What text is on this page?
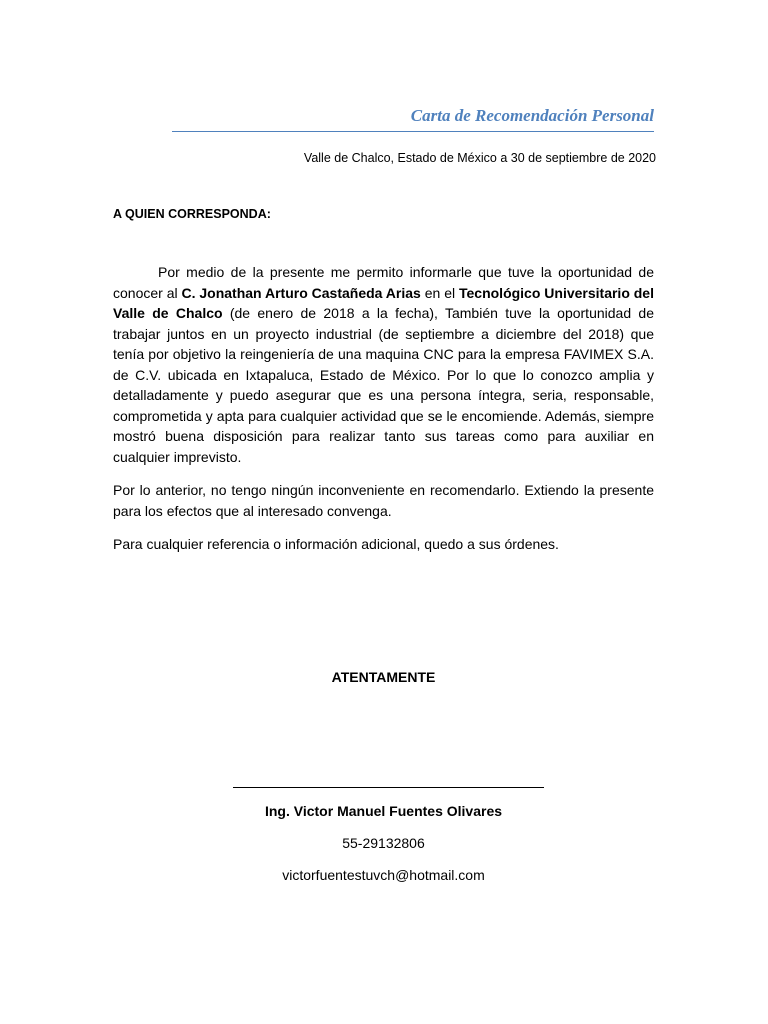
Carta de Recomendación Personal
Valle de Chalco, Estado de México a 30 de septiembre de 2020
A QUIEN CORRESPONDA:

Por medio de la presente me permito informarle que tuve la oportunidad de conocer al C. Jonathan Arturo Castañeda Arias en el Tecnológico Universitario del Valle de Chalco (de enero de 2018 a la fecha), También tuve la oportunidad de trabajar juntos en un proyecto industrial (de septiembre a diciembre del 2018) que tenía por objetivo la reingeniería de una maquina CNC para la empresa FAVIMEX S.A. de C.V. ubicada en Ixtapaluca, Estado de México. Por lo que lo conozco amplia y detalladamente y puedo asegurar que es una persona íntegra, seria, responsable, comprometida y apta para cualquier actividad que se le encomiende. Además, siempre mostró buena disposición para realizar tanto sus tareas como para auxiliar en cualquier imprevisto.

Por lo anterior, no tengo ningún inconveniente en recomendarlo. Extiendo la presente para los efectos que al interesado convenga.

Para cualquier referencia o información adicional, quedo a sus órdenes.

ATENTAMENTE
Ing. Victor Manuel Fuentes Olivares
55-29132806
victorfuentestuvch@hotmail.com
